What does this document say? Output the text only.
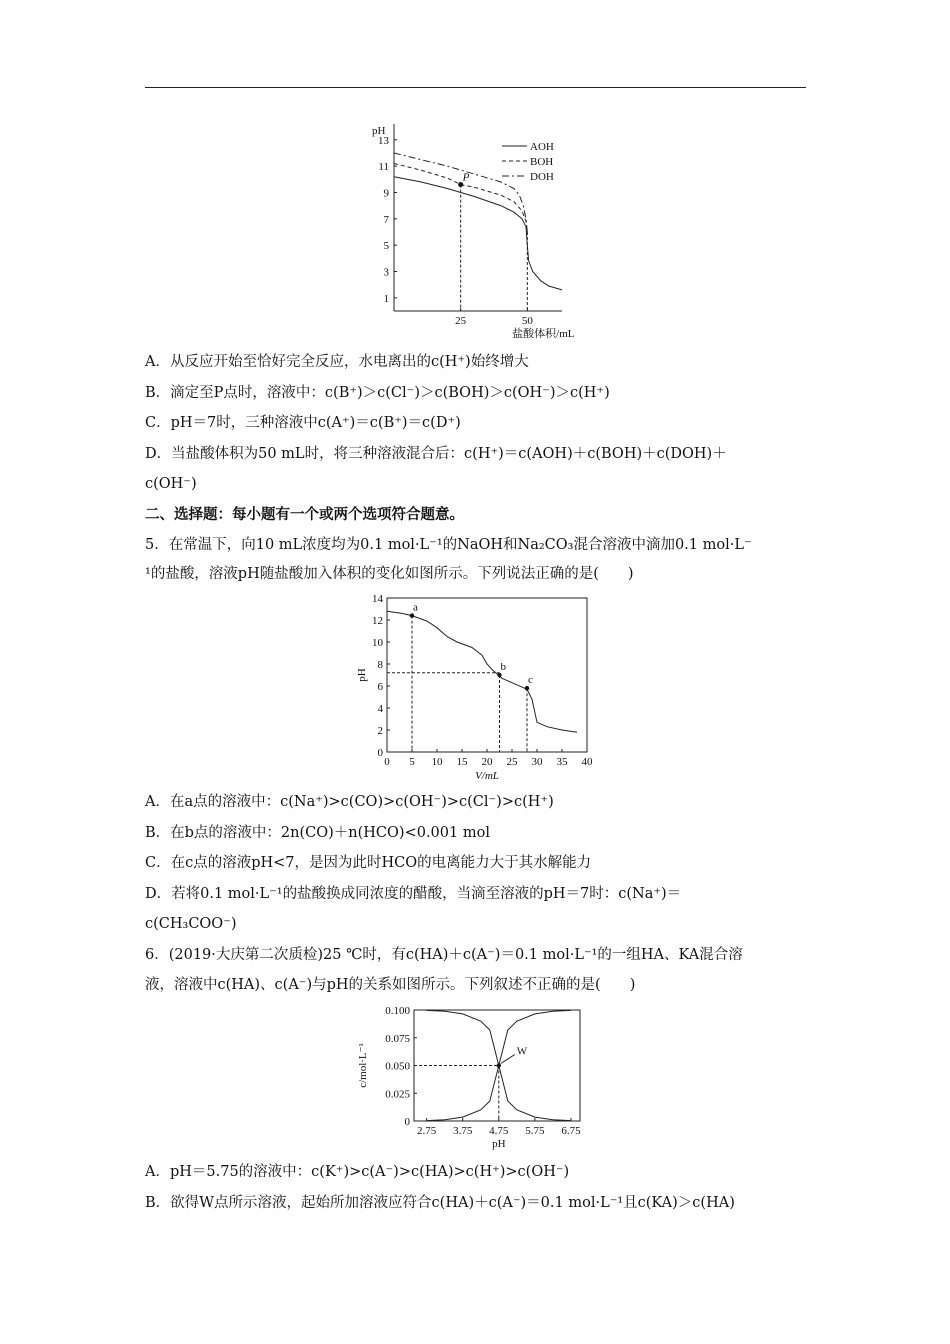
pH
1
3
5
7
9
11
13
25	50
盐酸体积/mL
AOH
BOH
DOH
P
A．从反应开始至恰好完全反应，水电离出的c(H⁺)始终增大
B．滴定至P点时，溶液中：c(B⁺)＞c(Cl⁻)＞c(BOH)＞c(OH⁻)＞c(H⁺)
C．pH＝7时，三种溶液中c(A⁺)＝c(B⁺)＝c(D⁺)
D．当盐酸体积为50 mL时，将三种溶液混合后：c(H⁺)＝c(AOH)＋c(BOH)＋c(DOH)＋
c(OH⁻)
二、选择题：每小题有一个或两个选项符合题意。
5．在常温下，向10 mL浓度均为0.1 mol·L⁻¹的NaOH和Na₂CO₃混合溶液中滴加0.1 mol·L⁻
¹的盐酸，溶液pH随盐酸加入体积的变化如图所示。下列说法正确的是(　　)
0
2
4
6
8
10
12
14
0 5 10 15 20 25 30 35 40
V/mL
pH
a
b
c
A．在a点的溶液中：c(Na⁺)>c(CO)>c(OH⁻)>c(Cl⁻)>c(H⁺)
B．在b点的溶液中：2n(CO)＋n(HCO)<0.001 mol
C．在c点的溶液pH<7，是因为此时HCO的电离能力大于其水解能力
D．若将0.1 mol·L⁻¹的盐酸换成同浓度的醋酸，当滴至溶液的pH＝7时：c(Na⁺)＝
c(CH₃COO⁻)
6．(2019·大庆第二次质检)25 ℃时，有c(HA)＋c(A⁻)＝0.1 mol·L⁻¹的一组HA、KA混合溶
液，溶液中c(HA)、c(A⁻)与pH的关系如图所示。下列叙述不正确的是(　　)
0
0.025
0.050
0.075
0.100
2.75 3.75 4.75 5.75 6.75
pH
c/mol·L⁻¹	W
A．pH＝5.75的溶液中：c(K⁺)>c(A⁻)>c(HA)>c(H⁺)>c(OH⁻)
B．欲得W点所示溶液，起始所加溶液应符合c(HA)＋c(A⁻)＝0.1 mol·L⁻¹且c(KA)＞c(HA)
